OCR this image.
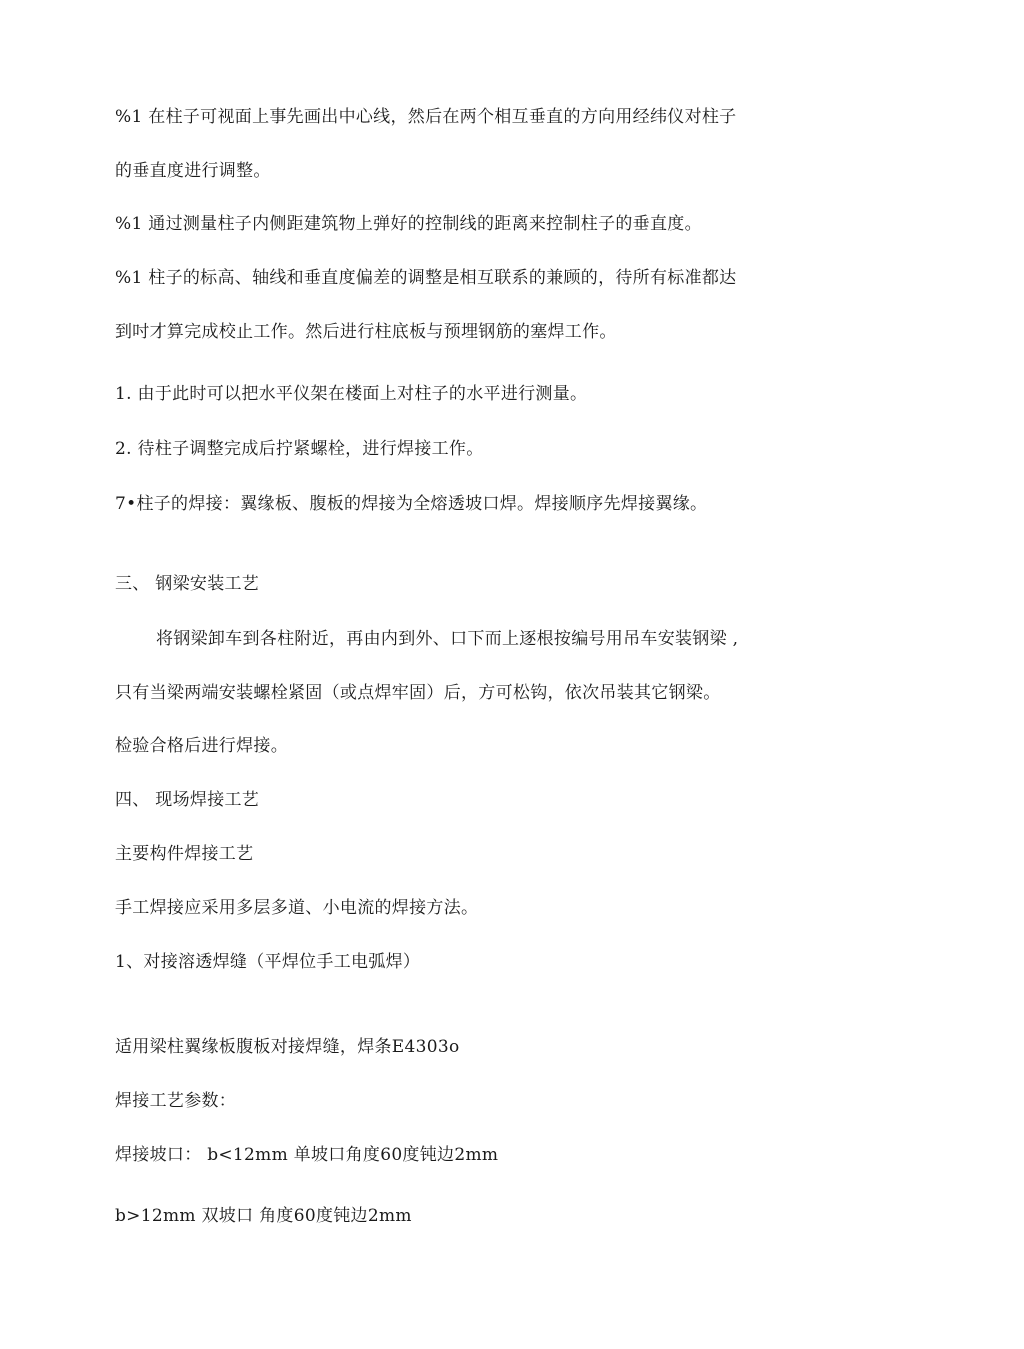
%1 在柱子可视面上事先画出中心线，然后在两个相互垂直的方向用经纬仪对柱子
的垂直度进行调整。
%1 通过测量柱子内侧距建筑物上弹好的控制线的距离来控制柱子的垂直度。
%1 柱子的标高、轴线和垂直度偏差的调整是相互联系的兼顾的，待所有标准都达
到吋才算完成校止工作。然后进行柱底板与预埋钢筋的塞焊工作。
1. 由于此时可以把水平仪架在楼面上对柱子的水平进行测量。
2. 待柱子调整完成后拧紧螺栓，进行焊接工作。
7•柱子的焊接：翼缘板、腹板的焊接为全熔透坡口焊。焊接顺序先焊接翼缘。
三、 钢梁安装工艺
将钢梁卸车到各柱附近，再由内到外、口下而上逐根按编号用吊车安装钢梁 ,
只有当梁两端安装螺栓紧固（或点焊牢固）后，方可松钩，依次吊装其它钢梁。
检验合格后进行焊接。
四、 现场焊接工艺
主要构件焊接工艺
手工焊接应采用多层多道、小电流的焊接方法。
1、对接溶透焊缝（平焊位手工电弧焊）
适用梁柱翼缘板腹板对接焊缝，焊条E4303o
焊接工艺参数：
焊接坡口： b<12mm 单坡口角度60度钝边2mm
b>12mm 双坡口 角度60度钝边2mm
